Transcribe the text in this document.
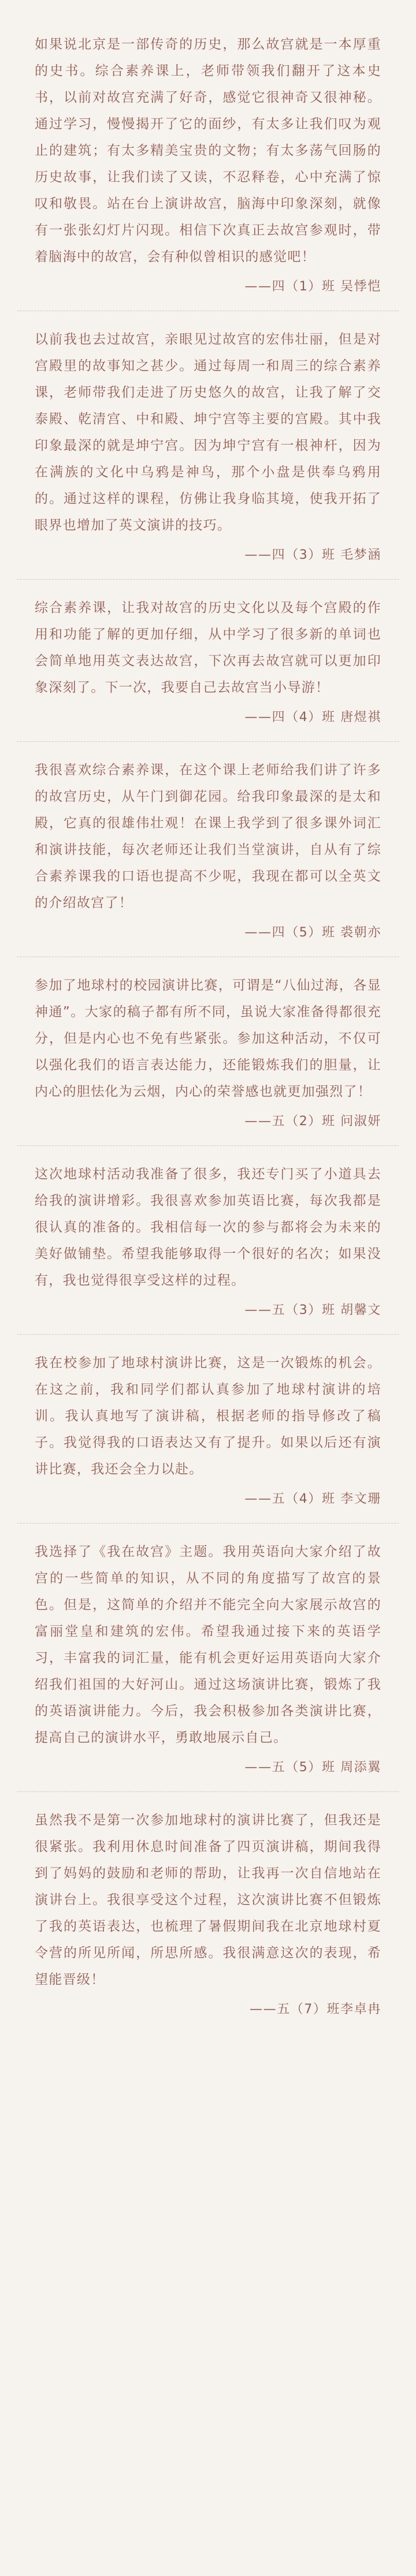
如果说北京是一部传奇的历史，那么故宫就是一本厚重的史书。综合素养课上，老师带领我们翻开了这本史书，以前对故宫充满了好奇，感觉它很神奇又很神秘。通过学习，慢慢揭开了它的面纱，有太多让我们叹为观止的建筑；有太多精美宝贵的文物；有太多荡气回肠的历史故事，让我们读了又读，不忍释卷，心中充满了惊叹和敬畏。站在台上演讲故宫，脑海中印象深刻，就像有一张张幻灯片闪现。相信下次真正去故宫参观时，带着脑海中的故宫，会有种似曾相识的感觉吧！

——四（1）班 吴悸恺

以前我也去过故宫，亲眼见过故宫的宏伟壮丽，但是对宫殿里的故事知之甚少。通过每周一和周三的综合素养课，老师带我们走进了历史悠久的故宫，让我了解了交泰殿、乾清宫、中和殿、坤宁宫等主要的宫殿。其中我印象最深的就是坤宁宫。因为坤宁宫有一根神杆，因为在满族的文化中乌鸦是神鸟，那个小盘是供奉乌鸦用的。通过这样的课程，仿佛让我身临其境，使我开拓了眼界也增加了英文演讲的技巧。

——四（3）班 毛梦涵

综合素养课，让我对故宫的历史文化以及每个宫殿的作用和功能了解的更加仔细，从中学习了很多新的单词也会简单地用英文表达故宫，下次再去故宫就可以更加印象深刻了。下一次，我要自己去故宫当小导游！

——四（4）班 唐煜祺

我很喜欢综合素养课，在这个课上老师给我们讲了许多的故宫历史，从午门到御花园。给我印象最深的是太和殿，它真的很雄伟壮观！在课上我学到了很多课外词汇和演讲技能，每次老师还让我们当堂演讲，自从有了综合素养课我的口语也提高不少呢，我现在都可以全英文的介绍故宫了！

——四（5）班 裘朝亦

参加了地球村的校园演讲比赛，可谓是“八仙过海，各显神通”。大家的稿子都有所不同，虽说大家准备得都很充分，但是内心也不免有些紧张。参加这种活动，不仅可以强化我们的语言表达能力，还能锻炼我们的胆量，让内心的胆怯化为云烟，内心的荣誉感也就更加强烈了！

——五（2）班 问淑妍

这次地球村活动我准备了很多，我还专门买了小道具去给我的演讲增彩。我很喜欢参加英语比赛，每次我都是很认真的准备的。我相信每一次的参与都将会为未来的美好做铺垫。希望我能够取得一个很好的名次；如果没有，我也觉得很享受这样的过程。

——五（3）班 胡馨文

我在校参加了地球村演讲比赛，这是一次锻炼的机会。在这之前，我和同学们都认真参加了地球村演讲的培训。我认真地写了演讲稿，根据老师的指导修改了稿子。我觉得我的口语表达又有了提升。如果以后还有演讲比赛，我还会全力以赴。

——五（4）班 李文珊

我选择了《我在故宫》主题。我用英语向大家介绍了故宫的一些简单的知识，从不同的角度描写了故宫的景色。但是，这简单的介绍并不能完全向大家展示故宫的富丽堂皇和建筑的宏伟。希望我通过接下来的英语学习，丰富我的词汇量，能有机会更好运用英语向大家介绍我们祖国的大好河山。通过这场演讲比赛，锻炼了我的英语演讲能力。今后，我会积极参加各类演讲比赛，提高自己的演讲水平，勇敢地展示自己。

——五（5）班 周添翼

虽然我不是第一次参加地球村的演讲比赛了，但我还是很紧张。我利用休息时间准备了四页演讲稿，期间我得到了妈妈的鼓励和老师的帮助，让我再一次自信地站在演讲台上。我很享受这个过程，这次演讲比赛不但锻炼了我的英语表达，也梳理了暑假期间我在北京地球村夏令营的所见所闻，所思所感。我很满意这次的表现，希望能晋级！

——五（7）班李卓冉
